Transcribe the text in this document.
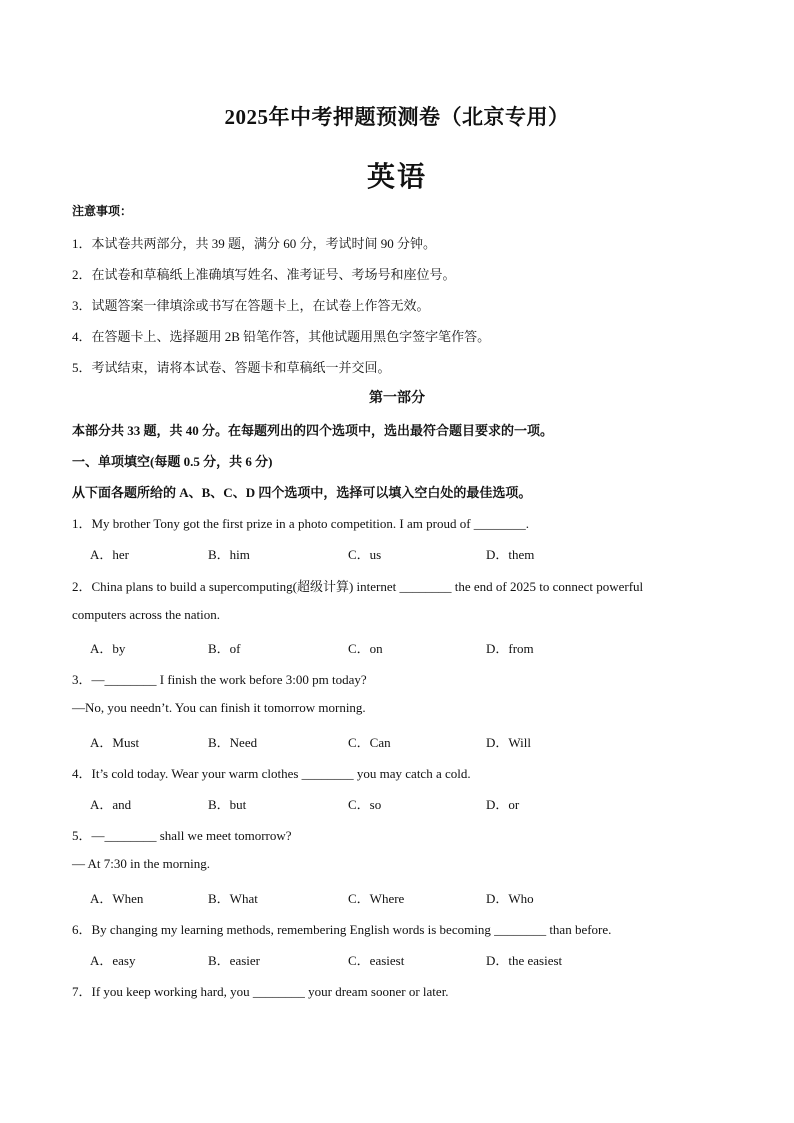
2025年中考押题预测卷（北京专用）
英语
注意事项：
1．本试卷共两部分，共 39 题，满分 60 分，考试时间 90 分钟。
2．在试卷和草稿纸上准确填写姓名、准考证号、考场号和座位号。
3．试题答案一律填涂或书写在答题卡上，在试卷上作答无效。
4．在答题卡上、选择题用 2B 铅笔作答，其他试题用黑色字签字笔作答。
5．考试结束，请将本试卷、答题卡和草稿纸一并交回。
第一部分
本部分共 33 题，共 40 分。在每题列出的四个选项中，选出最符合题目要求的一项。
一、单项填空(每题 0.5 分，共 6 分)
从下面各题所给的 A、B、C、D 四个选项中，选择可以填入空白处的最佳选项。
1．My brother Tony got the first prize in a photo competition. I am proud of ________.
A．her	B．him	C．us	D．them
2．China plans to build a supercomputing(超级计算) internet ________ the end of 2025 to connect powerful
computers across the nation.
A．by	B．of	C．on	D．from
3．—________ I finish the work before 3:00 pm today?
—No, you needn’t. You can finish it tomorrow morning.
A．Must	B．Need	C．Can	D．Will
4．It’s cold today. Wear your warm clothes ________ you may catch a cold.
A．and	B．but	C．so	D．or
5．—________ shall we meet tomorrow?
— At 7:30 in the morning.
A．When	B．What	C．Where	D．Who
6．By changing my learning methods, remembering English words is becoming ________ than before.
A．easy	B．easier	C．easiest	D．the easiest
7．If you keep working hard, you ________ your dream sooner or later.
